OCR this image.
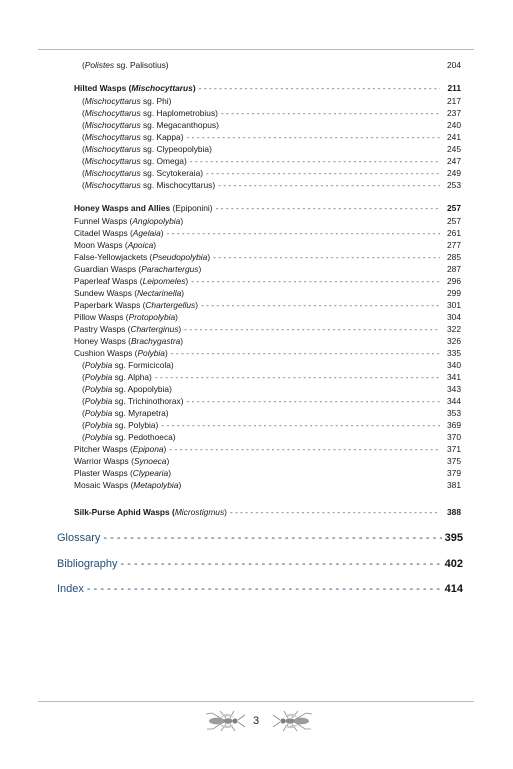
(Polistes sg. Palisotius)	204
Hilted Wasps (Mischocyttarus) - - -	211
(Mischocyttarus sg. Phi)	217
(Mischocyttarus sg. Haplometrobius) - - -	237
(Mischocyttarus sg. Megacanthopus)	240
(Mischocyttarus sg. Kappa) - - -	241
(Mischocyttarus sg. Clypeopolybia)	245
(Mischocyttarus sg. Omega) - - -	247
(Mischocyttarus sg. Scytokeraia) - - -	249
(Mischocyttarus sg. Mischocyttarus) - - -	253
Honey Wasps and Allies (Epiponini) - - -	257
Funnel Wasps (Angiopolybia)	257
Citadel Wasps (Agelaia) - - -	261
Moon Wasps (Apoica)	277
False-Yellowjackets (Pseudopolybia) - - -	285
Guardian Wasps (Parachartergus)	287
Paperleaf Wasps (Leipomeles) - - -	296
Sundew Wasps (Nectarinella)	299
Paperbark Wasps (Chartergellus) - - -	301
Pillow Wasps (Protopolybia)	304
Pastry Wasps (Charterginus) - - -	322
Honey Wasps (Brachygastra)	326
Cushion Wasps (Polybia) - - -	335
(Polybia sg. Formicicola)	340
(Polybia sg. Alpha) - - -	341
(Polybia sg. Apopolybia)	343
(Polybia sg. Trichinothorax) - - -	344
(Polybia sg. Myrapetra)	353
(Polybia sg. Polybia) - - -	369
(Polybia sg. Pedothoeca)	370
Pitcher Wasps (Epipona) - - -	371
Warrior Wasps (Synoeca)	375
Plaster Wasps (Clypearia)	379
Mosaic Wasps (Metapolybia)	381
Silk-Purse Aphid Wasps (Microstigmus) - - -	388
Glossary - - -	395
Bibliography - - -	402
Index - - -	414
3
